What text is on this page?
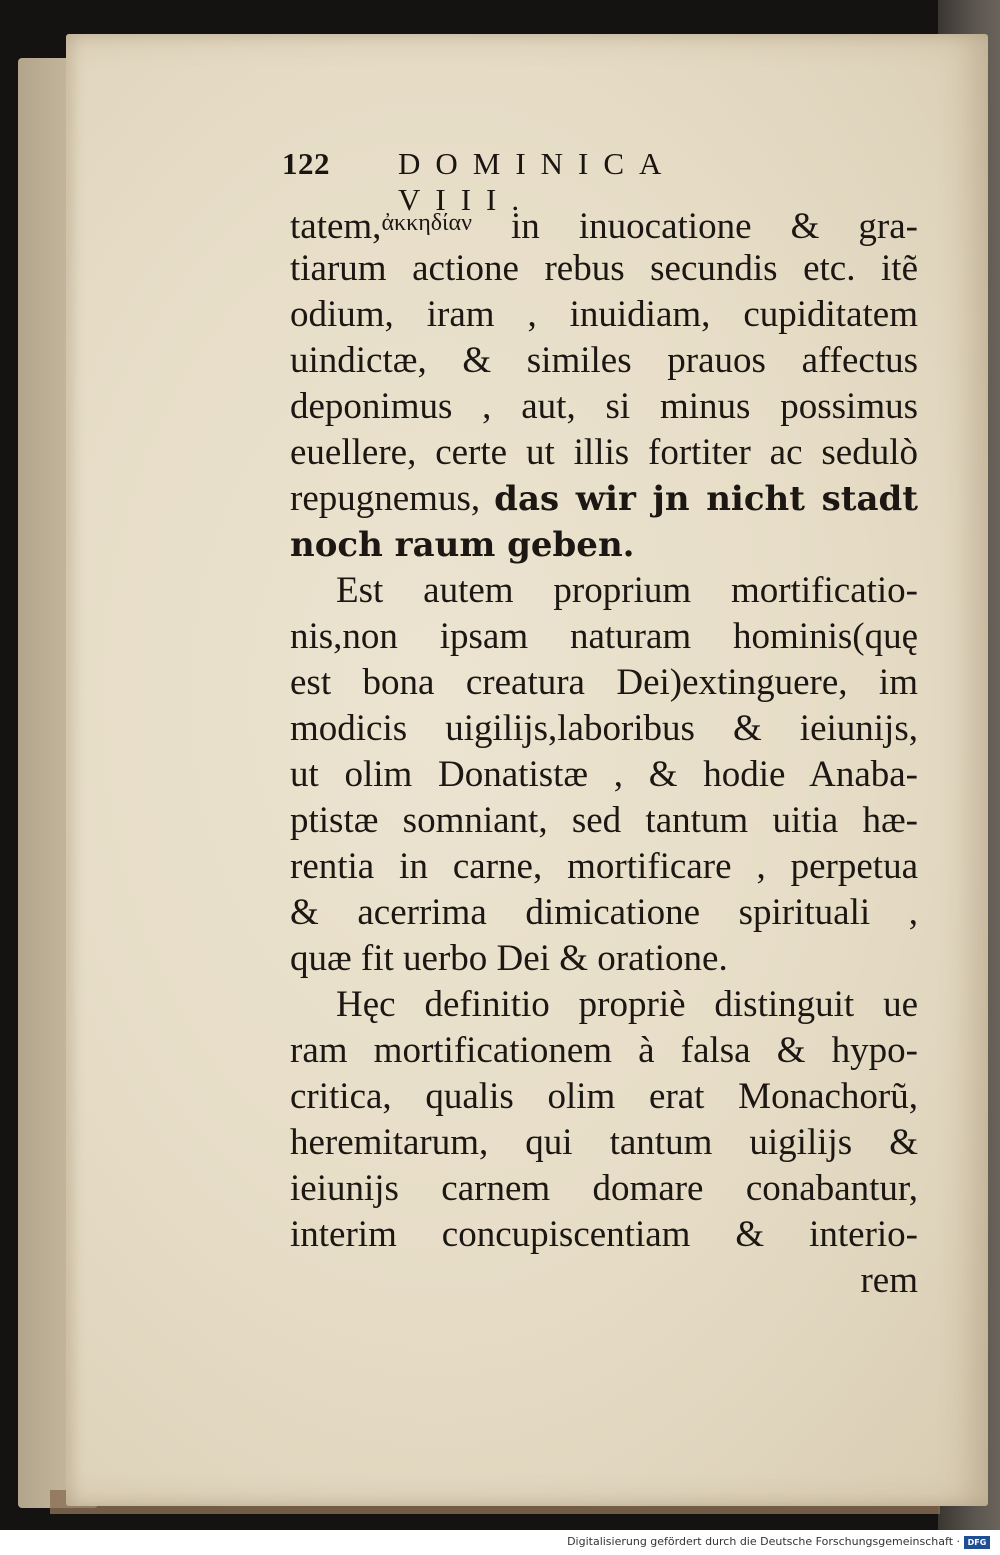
122 DOMINICA VIII.
tatem,$^{ἀ\kappa\kappa\eta\delta ί\alpha\nu}$ in inuocatione & gra-
tiarum actione rebus secundis etc. itẽ
odium, iram , inuidiam, cupiditatem
uindictæ, & similes prauos affectus
deponimus , aut, si minus possimus
euellere, certe ut illis fortiter ac sedulò
repugnemus, das wir jn nicht stadt
noch raum geben.
Est autem proprium mortificatio-
nis,non ipsam naturam hominis(quę
est bona creatura Dei)extinguere, im
modicis uigilijs,laboribus & ieiunijs,
ut olim Donatistæ , & hodie Anaba-
ptistæ somniant, sed tantum uitia hæ-
rentia in carne, mortificare , perpetua
& acerrima dimicatione spirituali ,
quæ fit uerbo Dei & oratione.
Hęc definitio propriè distinguit ue
ram mortificationem à falsa & hypo-
critica, qualis olim erat Monachorũ,
heremitarum, qui tantum uigilijs &
ieiunijs carnem domare conabantur,
interim concupiscentiam & interio-
rem
Digitalisierung gefördert durch die Deutsche Forschungsgemeinschaft · DFG
